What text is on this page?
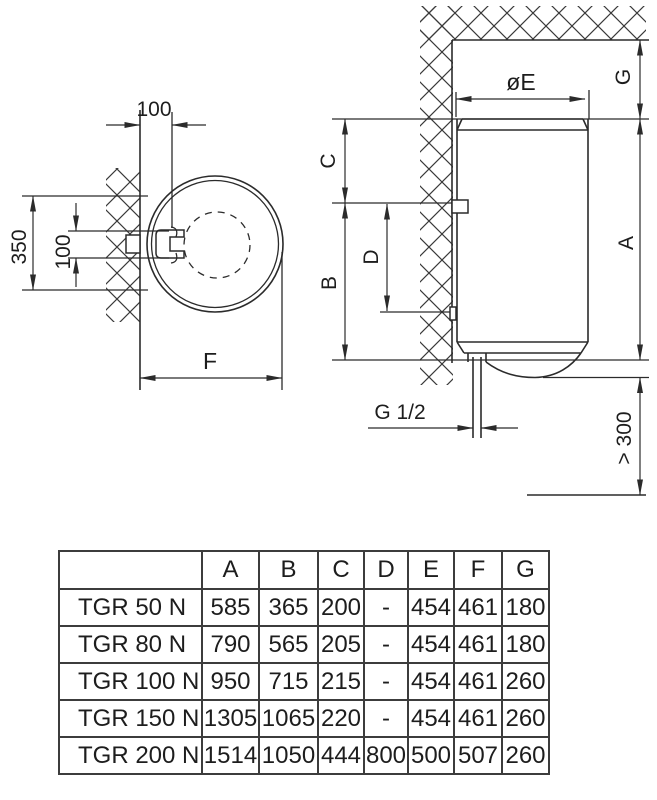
100
350 100
F
øE	G
A
C
B
D
G 1/2	> 300
	A	B	C	D	E	F	G
TGR 50 N	585	365	200	-	454	461	180
TGR 80 N	790	565	205	-	454	461	180
TGR 100 N	950	715	215	-	454	461	260
TGR 150 N	1305	1065	220	-	454	461	260
TGR 200 N	1514	1050	444	800	500	507	260
